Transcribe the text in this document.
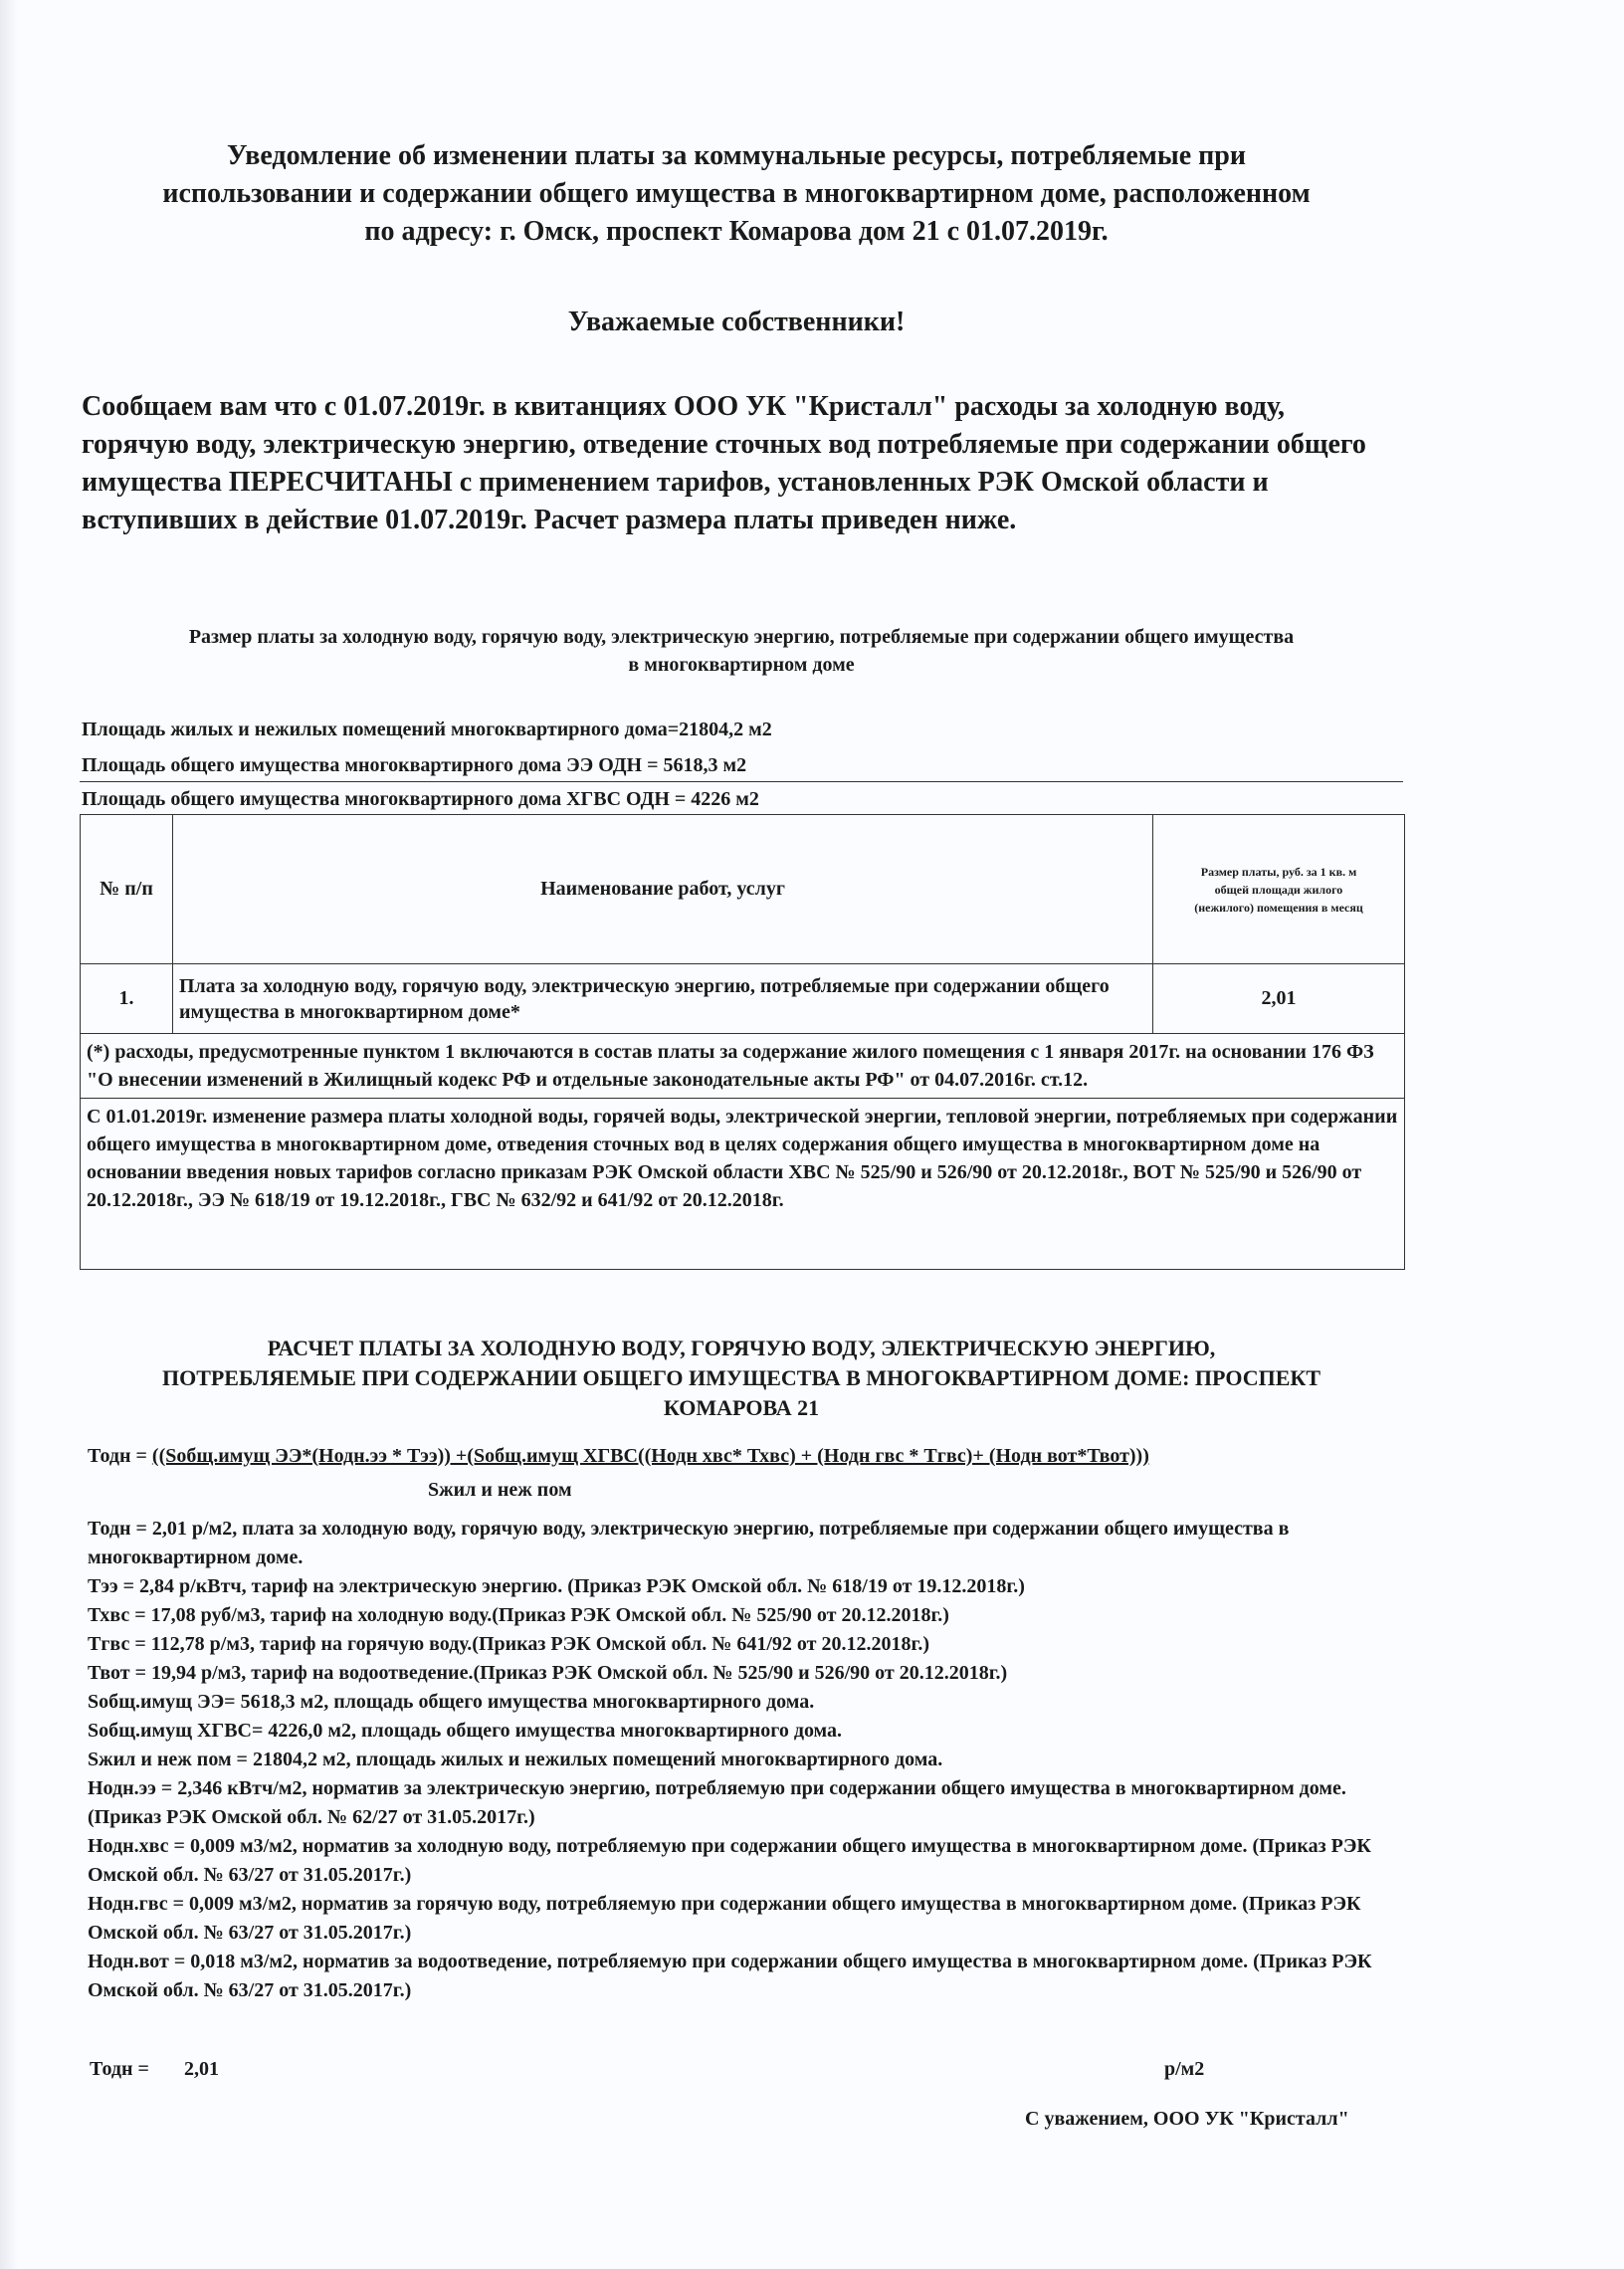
Уведомление об изменении платы за коммунальные ресурсы, потребляемые при
использовании и содержании общего имущества в многоквартирном доме, расположенном
по адресу: г. Омск, проспект Комарова дом 21 с 01.07.2019г.
Уважаемые собственники!
Сообщаем вам что с 01.07.2019г. в квитанциях ООО УК "Кристалл" расходы за холодную воду, горячую воду, электрическую энергию, отведение сточных вод потребляемые при содержании общего имущества ПЕРЕСЧИТАНЫ с применением тарифов, установленных РЭК Омской области и вступивших в действие 01.07.2019г. Расчет размера платы приведен ниже.
Размер платы за холодную воду, горячую воду, электрическую энергию, потребляемые при содержании общего имущества
в многоквартирном доме
Площадь жилых и нежилых помещений многоквартирного дома=21804,2 м2
Площадь общего имущества многоквартирного дома ЭЭ ОДН = 5618,3 м2
Площадь общего имущества многоквартирного дома ХГВС ОДН = 4226 м2
№ п/п	Наименование работ, услуг	Размер платы, руб. за 1 кв. м
общей площади жилого
(нежилого) помещения в месяц

1.	Плата за холодную воду, горячую воду, электрическую энергию, потребляемые при содержании общего имущества в многоквартирном доме*	2,01
(*) расходы, предусмотренные пунктом 1 включаются в состав платы за содержание жилого помещения с 1 января 2017г. на основании 176 ФЗ "О внесении изменений в Жилищный кодекс РФ и отдельные законодательные акты РФ" от 04.07.2016г. ст.12.		
С 01.01.2019г. изменение размера платы холодной воды, горячей воды, электрической энергии, тепловой энергии, потребляемых при содержании общего имущества в многоквартирном доме, отведения сточных вод в целях содержания общего имущества в многоквартирном доме на основании введения новых тарифов согласно приказам РЭК Омской области ХВС № 525/90 и 526/90 от 20.12.2018г., ВОТ № 525/90 и 526/90 от 20.12.2018г., ЭЭ № 618/19 от 19.12.2018г., ГВС № 632/92 и 641/92 от 20.12.2018г.		
РАСЧЕТ ПЛАТЫ ЗА ХОЛОДНУЮ ВОДУ, ГОРЯЧУЮ ВОДУ, ЭЛЕКТРИЧЕСКУЮ ЭНЕРГИЮ,
ПОТРЕБЛЯЕМЫЕ ПРИ СОДЕРЖАНИИ ОБЩЕГО ИМУЩЕСТВА В МНОГОКВАРТИРНОМ ДОМЕ: ПРОСПЕКТ
КОМАРОВА 21
Тодн = ((Sобщ.имущ ЭЭ*(Нодн.ээ * Тээ)) +(Sобщ.имущ ХГВС((Нодн хвс* Тхвс) + (Нодн гвс * Тгвс)+ (Нодн вот*Твот)))
Sжил и неж пом

Тодн = 2,01 р/м2, плата за холодную воду, горячую воду, электрическую энергию, потребляемые при содержании общего имущества в многоквартирном доме.

Тээ = 2,84 р/кВтч, тариф на электрическую энергию. (Приказ РЭК Омской обл. № 618/19 от 19.12.2018г.)

Тхвс = 17,08 руб/м3, тариф на холодную воду.(Приказ РЭК Омской обл. № 525/90 от 20.12.2018г.)

Тгвс = 112,78 р/м3, тариф на горячую воду.(Приказ РЭК Омской обл. № 641/92 от 20.12.2018г.)

Твот = 19,94 р/м3, тариф на водоотведение.(Приказ РЭК Омской обл. № 525/90 и 526/90 от 20.12.2018г.)

Sобщ.имущ ЭЭ= 5618,3 м2, площадь общего имущества многоквартирного дома.

Sобщ.имущ ХГВС= 4226,0 м2, площадь общего имущества многоквартирного дома.

Sжил и неж пом = 21804,2 м2, площадь жилых и нежилых помещений многоквартирного дома.

Нодн.ээ = 2,346 кВтч/м2, норматив за электрическую энергию, потребляемую при содержании общего имущества в многоквартирном доме.(Приказ РЭК Омской обл. № 62/27 от 31.05.2017г.)

Нодн.хвс = 0,009 м3/м2, норматив за холодную воду, потребляемую при содержании общего имущества в многоквартирном доме. (Приказ РЭК Омской обл. № 63/27 от 31.05.2017г.)

Нодн.гвс = 0,009 м3/м2, норматив за горячую воду, потребляемую при содержании общего имущества в многоквартирном доме. (Приказ РЭК Омской обл. № 63/27 от 31.05.2017г.)

Нодн.вот = 0,018 м3/м2, норматив за водоотведение, потребляемую при содержании общего имущества в многоквартирном доме. (Приказ РЭК Омской обл. № 63/27 от 31.05.2017г.)

Тодн = 2,01	р/м2
С уважением, ООО УК "Кристалл"
